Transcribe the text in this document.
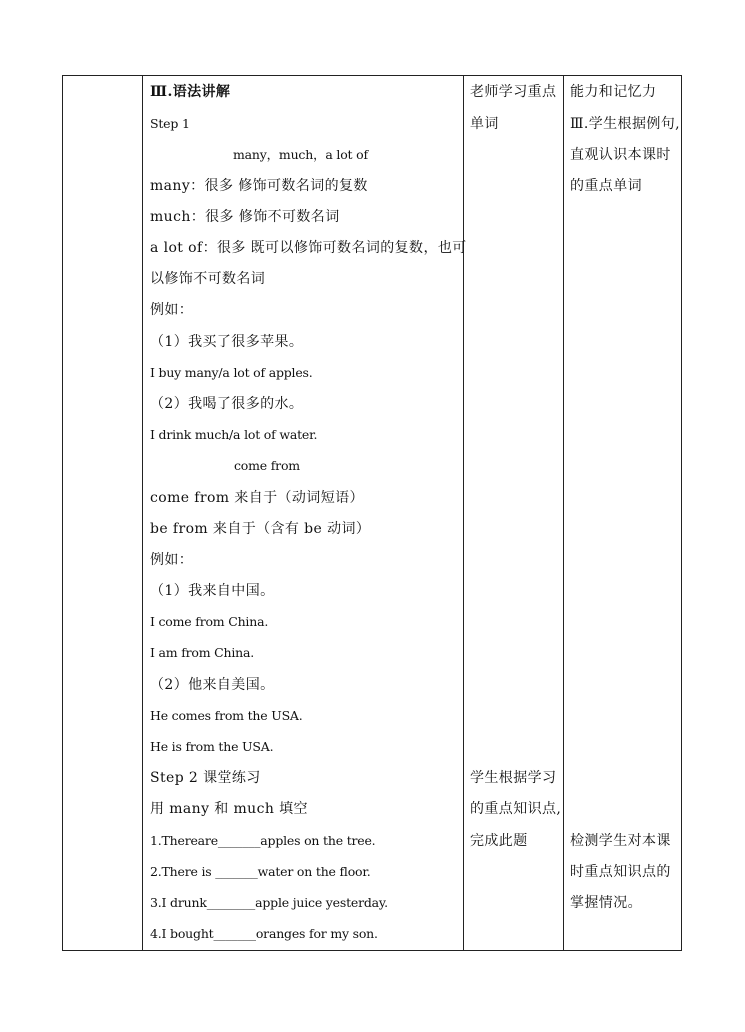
Ⅲ.语法讲解
Step 1
many，much，a lot of
many：很多 修饰可数名词的复数
much：很多 修饰不可数名词
a lot of：很多 既可以修饰可数名词的复数，也可
以修饰不可数名词
例如：
（1）我买了很多苹果。
I buy many/a lot of apples.
（2）我喝了很多的水。
I drink much/a lot of water.
come from
come from 来自于（动词短语）
be from 来自于（含有 be 动词）
例如：
（1）我来自中国。
I come from China.
I am from China.
（2）他来自美国。
He comes from the USA.
He is from the USA.
Step 2 课堂练习
用 many 和 much 填空
1.Thereare_______apples on the tree.
2.There is _______water on the floor.
3.I drunk________apple juice yesterday.
4.I bought_______oranges for my son.
老师学习重点
单词
学生根据学习
的重点知识点,
完成此题
能力和记忆力
Ⅲ.学生根据例句,
直观认识本课时
的重点单词
检测学生对本课
时重点知识点的
掌握情况。
